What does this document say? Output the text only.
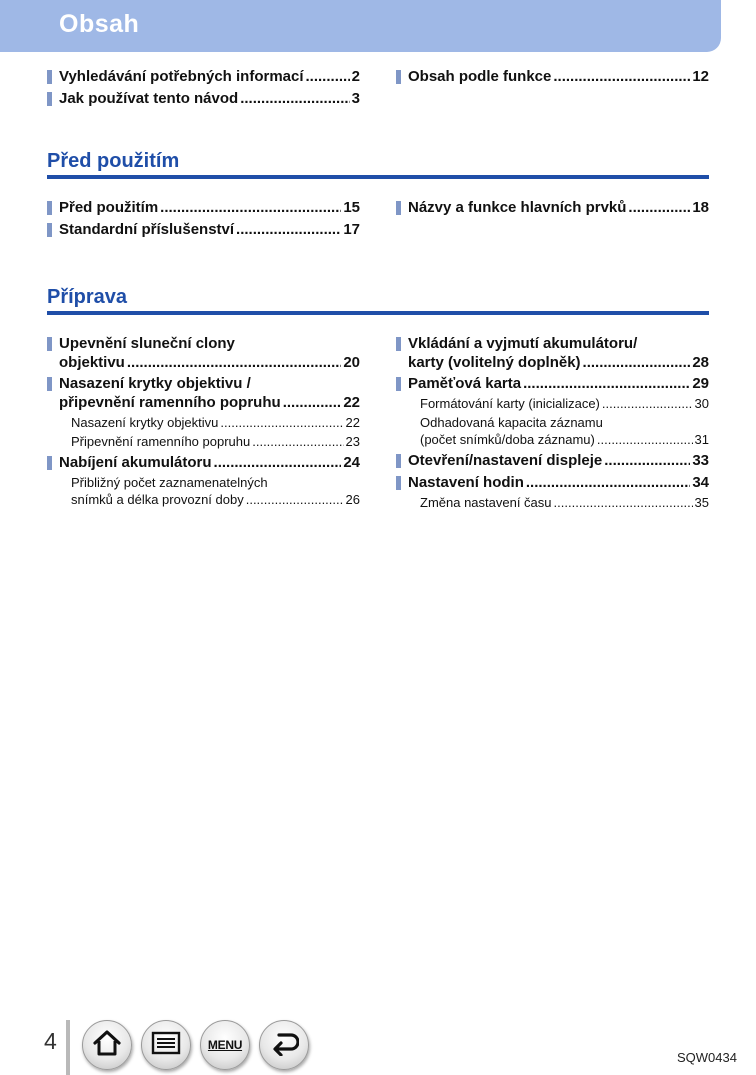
Obsah
Vyhledávání potřebných informací .....	2
Jak používat tento návod .....	3
Obsah podle funkce .....	12
Před použitím
Před použitím .....	15
Standardní příslušenství .....	17
Názvy a funkce hlavních prvků .....	18
Příprava
Upevnění sluneční clony
objektivu .....	20
Nasazení krytky objektivu /
připevnění ramenního popruhu .....	22
Nasazení krytky objektivu .....	22
Připevnění ramenního popruhu .....	23
Nabíjení akumulátoru .....	24
Přibližný počet zaznamenatelných
snímků a délka provozní doby .....	26
Vkládání a vyjmutí akumulátoru/
karty (volitelný doplněk) .....	28
Paměťová karta .....	29
Formátování karty (inicializace) .....	30
Odhadovaná kapacita záznamu
(počet snímků/doba záznamu) .....	31
Otevření/nastavení displeje .....	33
Nastavení hodin .....	34
Změna nastavení času .....	35
4	MENU
SQW0434
